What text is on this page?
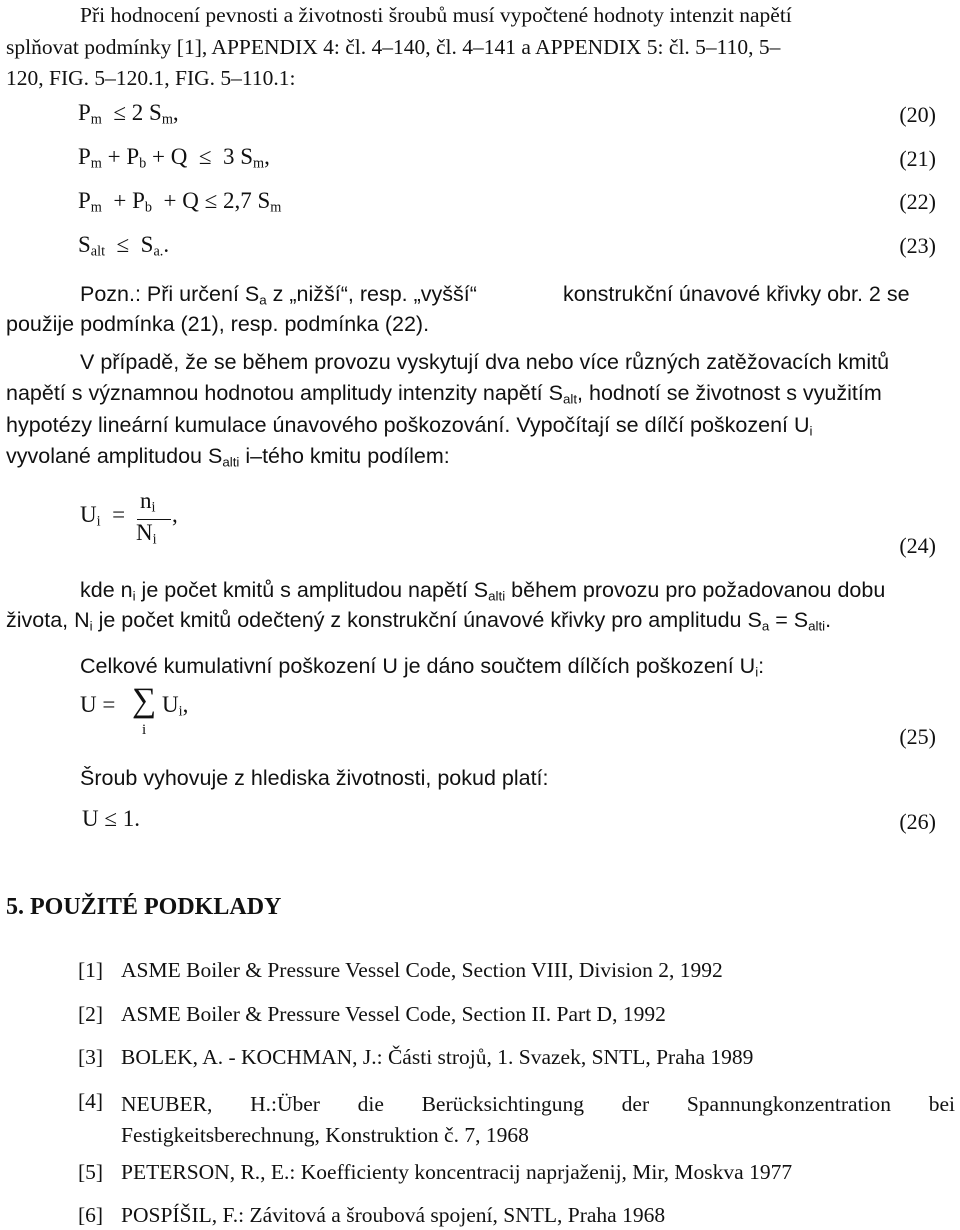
Při hodnocení pevnosti a životnosti šroubů musí vypočtené hodnoty intenzit napětí
splňovat podmínky [1], APPENDIX 4: čl. 4–140, čl. 4–141 a APPENDIX 5: čl. 5–110, 5–
120, FIG. 5–120.1, FIG. 5–110.1:
$P_m \le 2$ $S_m$,	(20)
$P_m + P_b + Q \le 3$ $S_m$,	(21)
$P_m + P_b + Q \le 2,7$ $S_m$	(22)
$S_{alt} \le S_{a.}$.	(23)
Pozn.: Při určení $S_a$ z „nižší“, resp. „vyšší“	konstrukční únavové křivky obr. 2 se
použije podmínka (21), resp. podmínka (22).
V případě, že se během provozu vyskytují dva nebo více různých zatěžovacích kmitů
napětí s významnou hodnotou amplitudy intenzity napětí $S_{alt}$, hodnotí se životnost s využitím
hypotézy lineární kumulace únavového poškozování. Vypočítají se dílčí poškození $U_i$
vyvolané amplitudou $S_{alti}$ i–tého kmitu podílem:
$U_i$  =
$n_i$
$N_i$
,
(24)
kde $n_i$ je počet kmitů s amplitudou napětí $S_{alti}$ během provozu pro požadovanou dobu
života, $N_i$ je počet kmitů odečtený z konstrukční únavové křivky pro amplitudu $S_a = S_{alti}$.
Celkové kumulativní poškození U je dáno součtem dílčích poškození $U_i$:
U = ∑
i
$U_i$,
(25)
Šroub vyhovuje z hlediska životnosti, pokud platí:
U ≤ 1.	(26)
5. POUŽITÉ PODKLADY
[1] ASME Boiler & Pressure Vessel Code, Section VIII, Division 2, 1992
[2] ASME Boiler & Pressure Vessel Code, Section II. Part D, 1992
[3] BOLEK, A. - KOCHMAN, J.: Části strojů, 1. Svazek, SNTL, Praha 1989
[4] NEUBER, H.:Über die Berücksichtingung der Spannungkonzentration bei Festigkeitsberechnung, Konstruktion č. 7, 1968
[5] PETERSON, R., E.: Koefficienty koncentracij naprjaženij, Mir, Moskva 1977
[6] POSPÍŠIL, F.: Závitová a šroubová spojení, SNTL, Praha 1968
